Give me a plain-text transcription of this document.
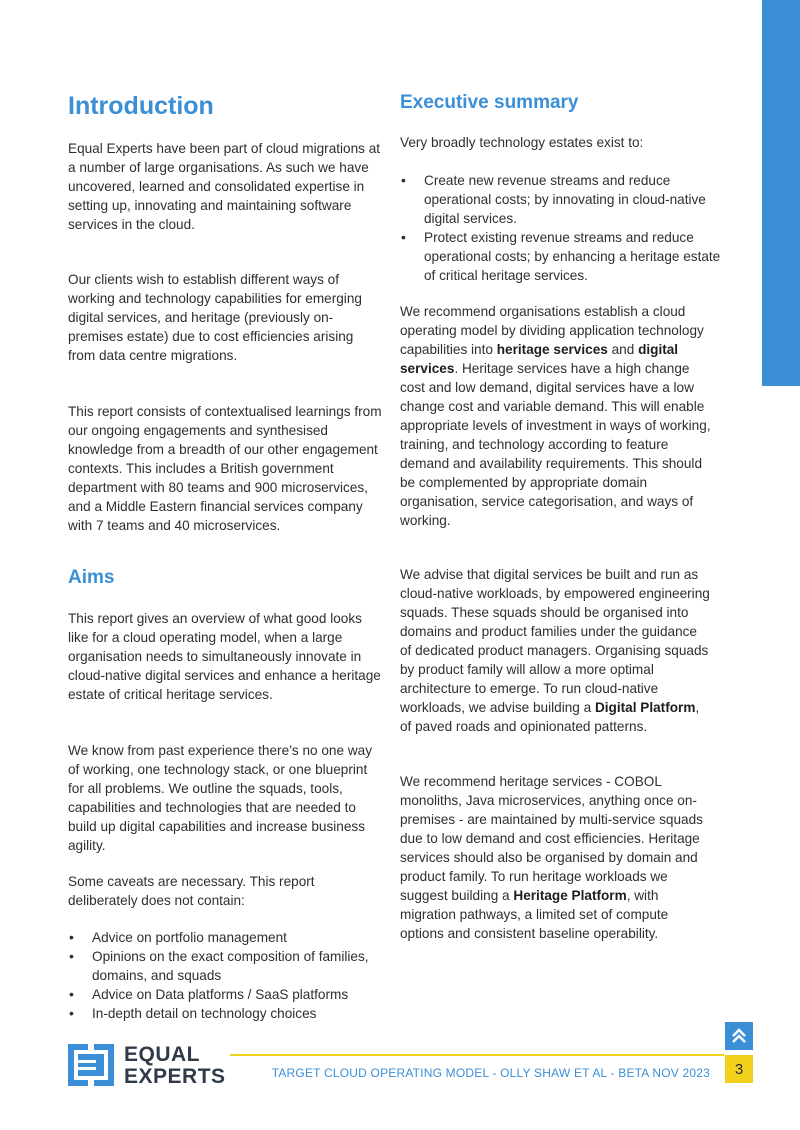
Introduction

Equal Experts have been part of cloud migrations at a number of large organisations. As such we have uncovered, learned and consolidated expertise in setting up, innovating and maintaining software services in the cloud.

Our clients wish to establish different ways of working and technology capabilities for emerging digital services, and heritage (previously on-premises estate) due to cost efficiencies arising from data centre migrations.

This report consists of contextualised learnings from our ongoing engagements and synthesised knowledge from a breadth of our other engagement contexts. This includes a British government department with 80 teams and 900 microservices, and a Middle Eastern financial services company with 7 teams and 40 microservices.

Aims

This report gives an overview of what good looks like for a cloud operating model, when a large organisation needs to simultaneously innovate in cloud-native digital services and enhance a heritage estate of critical heritage services.

We know from past experience there’s no one way of working, one technology stack, or one blueprint for all problems. We outline the squads, tools, capabilities and technologies that are needed to build up digital capabilities and increase business agility.

Some caveats are necessary. This report deliberately does not contain:

• Advice on portfolio management
• Opinions on the exact composition of families, domains, and squads
• Advice on Data platforms / SaaS platforms
• In-depth detail on technology choices
Executive summary

Very broadly technology estates exist to:

• Create new revenue streams and reduce operational costs; by innovating in cloud-native digital services.
• Protect existing revenue streams and reduce operational costs; by enhancing a heritage estate of critical heritage services.

We recommend organisations establish a cloud operating model by dividing application technology capabilities into heritage services and digital services. Heritage services have a high change cost and low demand, digital services have a low change cost and variable demand. This will enable appropriate levels of investment in ways of working, training, and technology according to feature demand and availability requirements. This should be complemented by appropriate domain organisation, service categorisation, and ways of working.

We advise that digital services be built and run as cloud-native workloads, by empowered engineering squads. These squads should be organised into domains and product families under the guidance of dedicated product managers. Organising squads by product family will allow a more optimal architecture to emerge. To run cloud-native workloads, we advise building a Digital Platform, of paved roads and opinionated patterns.

We recommend heritage services - COBOL monoliths, Java microservices, anything once on-premises - are maintained by multi-service squads due to low demand and cost efficiencies. Heritage services should also be organised by domain and product family. To run heritage workloads we suggest building a Heritage Platform, with migration pathways, a limited set of compute options and consistent baseline operability.

EQUAL
EXPERTS	TARGET CLOUD OPERATING MODEL - OLLY SHAW ET AL - BETA NOV 2023	3
